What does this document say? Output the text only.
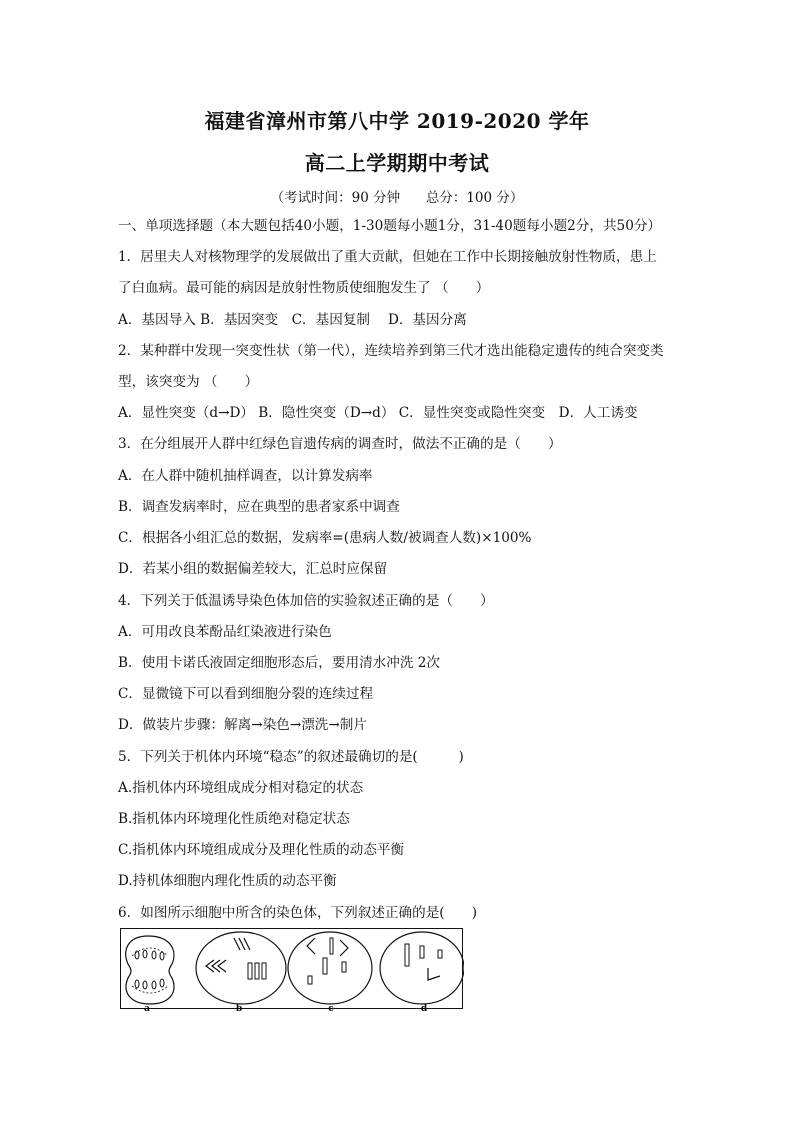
福建省漳州市第八中学 2019-2020 学年
高二上学期期中考试
（考试时间：90 分钟      总分：100 分）
一、单项选择题（本大题包括40小题，1-30题每小题1分，31-40题每小题2分，共50分）
1．居里夫人对核物理学的发展做出了重大贡献，但她在工作中长期接触放射性物质，患上
了白血病。最可能的病因是放射性物质使细胞发生了 （　　）
A．基因导入 B．基因突变　C．基因复制　 D．基因分离
2．某种群中发现一突变性状（第一代），连续培养到第三代才选出能稳定遗传的纯合突变类
型，该突变为 （　　）
A．显性突变（d→D） B．隐性突变（D→d） C．显性突变或隐性突变　D．人工诱变
3．在分组展开人群中红绿色盲遗传病的调查时，做法不正确的是（　　）
A．在人群中随机抽样调查，以计算发病率
B．调查发病率时，应在典型的患者家系中调查
C．根据各小组汇总的数据，发病率=(患病人数/被调查人数)×100%
D．若某小组的数据偏差较大，汇总时应保留
4．下列关于低温诱导染色体加倍的实验叙述正确的是（　　）
A．可用改良苯酚品红染液进行染色
B．使用卡诺氏液固定细胞形态后，要用清水冲洗 2次
C．显微镜下可以看到细胞分裂的连续过程
D．做装片步骤：解离→染色→漂洗→制片
5．下列关于机体内环境“稳态”的叙述最确切的是(　　　)
A.指机体内环境组成成分相对稳定的状态
B.指机体内环境理化性质绝对稳定状态
C.指机体内环境组成成分及理化性质的动态平衡
D.持机体细胞内理化性质的动态平衡
6．如图所示细胞中所含的染色体，下列叙述正确的是(　　)
a	b	c	d
